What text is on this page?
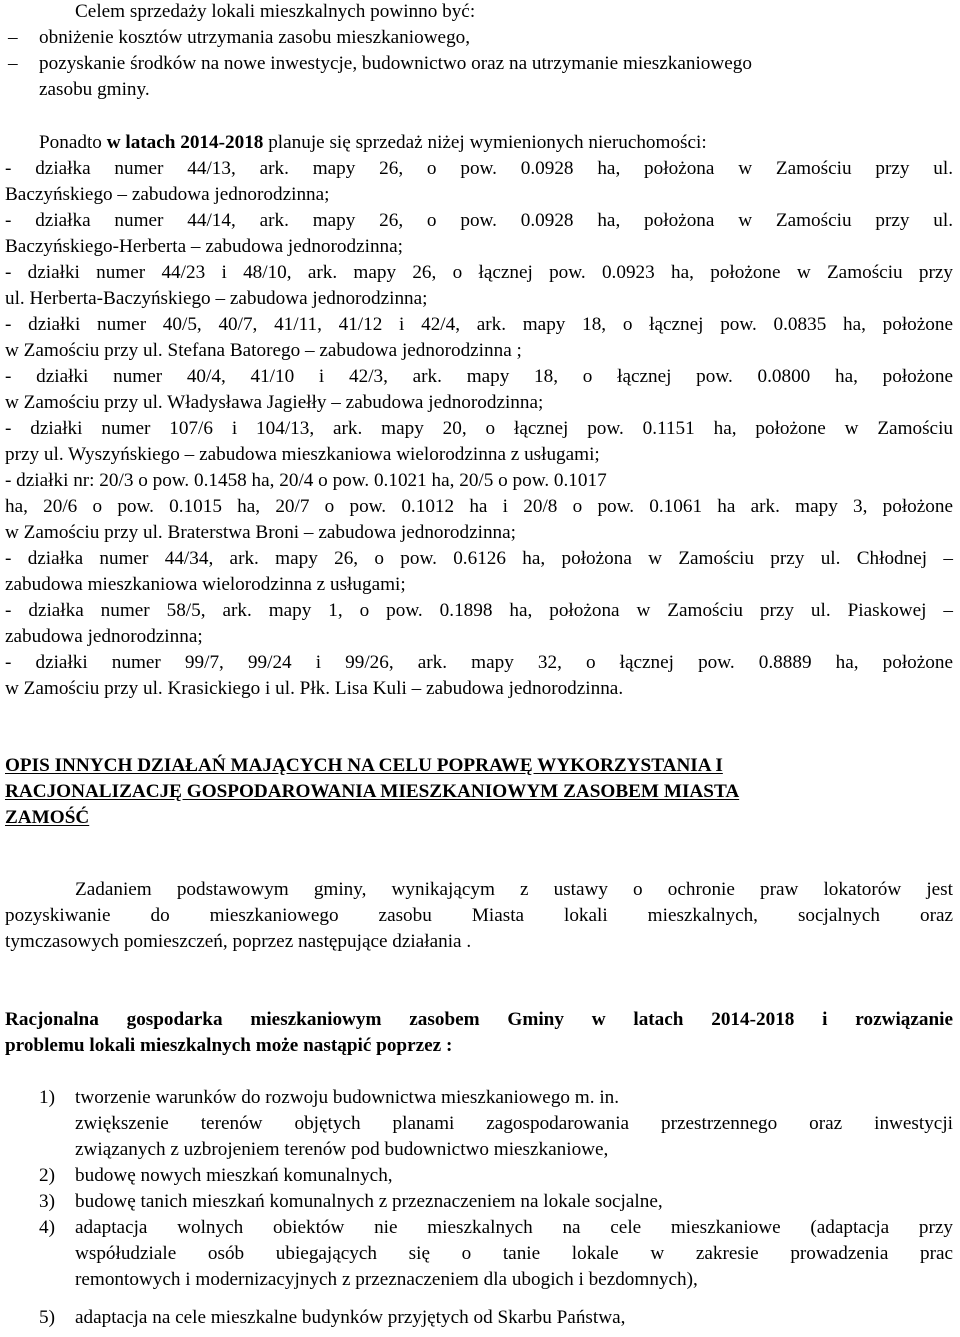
Celem sprzedaży lokali mieszkalnych powinno być:
– obniżenie kosztów utrzymania zasobu mieszkaniowego,
– pozyskanie środków na nowe inwestycje, budownictwo oraz na utrzymanie mieszkaniowego
zasobu gminy.
Ponadto w latach 2014-2018 planuje się sprzedaż niżej wymienionych nieruchomości:
- działka numer 44/13, ark. mapy 26, o pow. 0.0928 ha, położona w Zamościu przy ul.
Baczyńskiego – zabudowa jednorodzinna;
- działka numer 44/14, ark. mapy 26, o pow. 0.0928 ha, położona w Zamościu przy ul.
Baczyńskiego-Herberta – zabudowa jednorodzinna;
- działki numer 44/23 i 48/10, ark. mapy 26, o łącznej pow. 0.0923 ha, położone w Zamościu przy
ul. Herberta-Baczyńskiego – zabudowa jednorodzinna;
- działki numer 40/5, 40/7, 41/11, 41/12 i 42/4, ark. mapy 18, o łącznej pow. 0.0835 ha, położone
w Zamościu przy ul. Stefana Batorego – zabudowa jednorodzinna ;
- działki numer 40/4, 41/10 i 42/3, ark. mapy 18, o łącznej pow. 0.0800 ha, położone
w Zamościu przy ul. Władysława Jagiełły – zabudowa jednorodzinna;
- działki numer 107/6 i 104/13, ark. mapy 20, o łącznej pow. 0.1151 ha, położone w Zamościu
przy ul. Wyszyńskiego – zabudowa mieszkaniowa wielorodzinna z usługami;
- działki nr: 20/3 o pow. 0.1458 ha, 20/4 o pow. 0.1021 ha, 20/5 o pow. 0.1017
ha, 20/6 o pow. 0.1015 ha, 20/7 o pow. 0.1012 ha i 20/8 o pow. 0.1061 ha ark. mapy 3, położone
w Zamościu przy ul. Braterstwa Broni – zabudowa jednorodzinna;
- działka numer 44/34, ark. mapy 26, o pow. 0.6126 ha, położona w Zamościu przy ul. Chłodnej –
zabudowa mieszkaniowa wielorodzinna z usługami;
- działka numer 58/5, ark. mapy 1, o pow. 0.1898 ha, położona w Zamościu przy ul. Piaskowej –
zabudowa jednorodzinna;
- działki numer 99/7, 99/24 i 99/26, ark. mapy 32, o łącznej pow. 0.8889 ha, położone
w Zamościu przy ul. Krasickiego i ul. Płk. Lisa Kuli – zabudowa jednorodzinna.
OPIS INNYCH DZIAŁAŃ MAJĄCYCH NA CELU POPRAWĘ WYKORZYSTANIA I
RACJONALIZACJĘ GOSPODAROWANIA MIESZKANIOWYM ZASOBEM MIASTA
ZAMOŚĆ
Zadaniem podstawowym gminy, wynikającym z ustawy o ochronie praw lokatorów jest
pozyskiwanie do mieszkaniowego zasobu Miasta lokali mieszkalnych, socjalnych oraz
tymczasowych pomieszczeń, poprzez następujące działania .
Racjonalna gospodarka mieszkaniowym zasobem Gminy w latach 2014-2018 i rozwiązanie
problemu lokali mieszkalnych może nastąpić poprzez :
1) tworzenie warunków do rozwoju budownictwa mieszkaniowego m. in.
zwiększenie terenów objętych planami zagospodarowania przestrzennego oraz inwestycji
związanych z uzbrojeniem terenów pod budownictwo mieszkaniowe,
2) budowę nowych mieszkań komunalnych,
3) budowę tanich mieszkań komunalnych z przeznaczeniem na lokale socjalne,
4) adaptacja wolnych obiektów nie mieszkalnych na cele mieszkaniowe (adaptacja przy
współudziale osób ubiegających się o tanie lokale w zakresie prowadzenia prac
remontowych i modernizacyjnych z przeznaczeniem dla ubogich i bezdomnych),
5) adaptacja na cele mieszkalne budynków przyjętych od Skarbu Państwa,
